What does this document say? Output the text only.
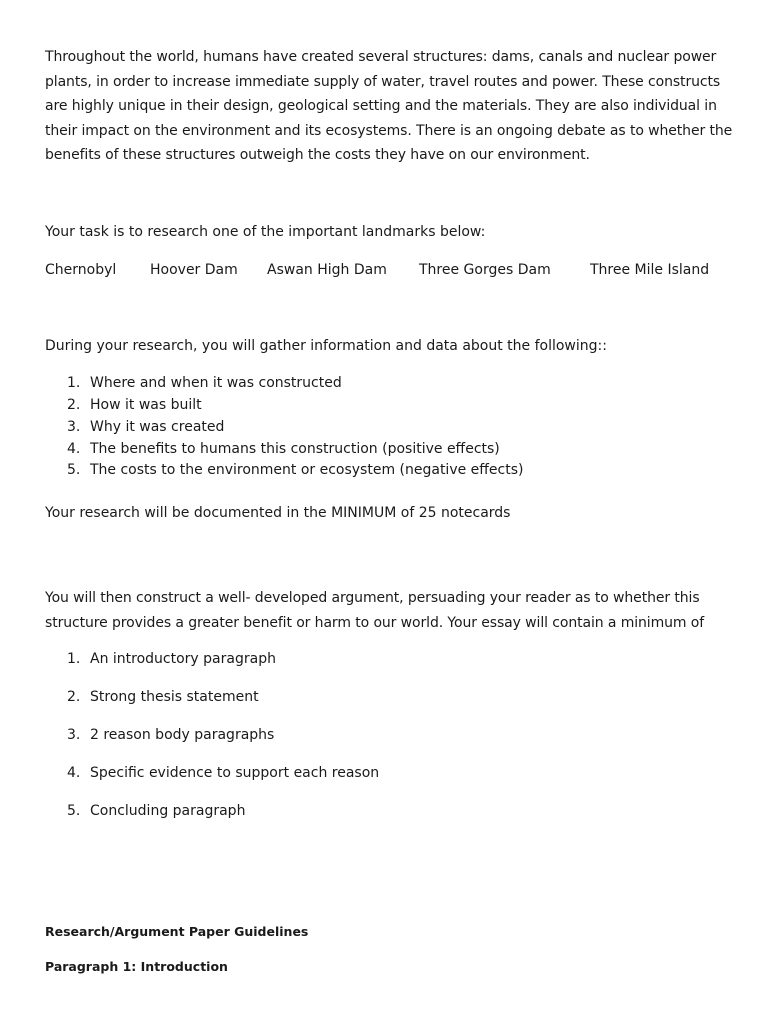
Throughout the world, humans have created several structures: dams, canals and nuclear power plants, in order to increase immediate supply of water, travel routes and power. These constructs are highly unique in their design, geological setting and the materials. They are also individual in their impact on the environment and its ecosystems. There is an ongoing debate as to whether the benefits of these structures outweigh the costs they have on our environment.
Your task is to research one of the important landmarks below:
Chernobyl Hoover Dam Aswan High Dam Three Gorges Dam	Three Mile Island
During your research, you will gather information and data about the following::
1. Where and when it was constructed
2. How it was built
3. Why it was created
4. The benefits to humans this construction (positive effects)
5. The costs to the environment or ecosystem (negative effects)
Your research will be documented in the MINIMUM of 25 notecards
You will then construct a well- developed argument, persuading your reader as to whether this structure provides a greater benefit or harm to our world. Your essay will contain a minimum of
1. An introductory paragraph
2. Strong thesis statement
3. 2 reason body paragraphs
4. Specific evidence to support each reason
5. Concluding paragraph
Research/Argument Paper Guidelines
Paragraph 1: Introduction
